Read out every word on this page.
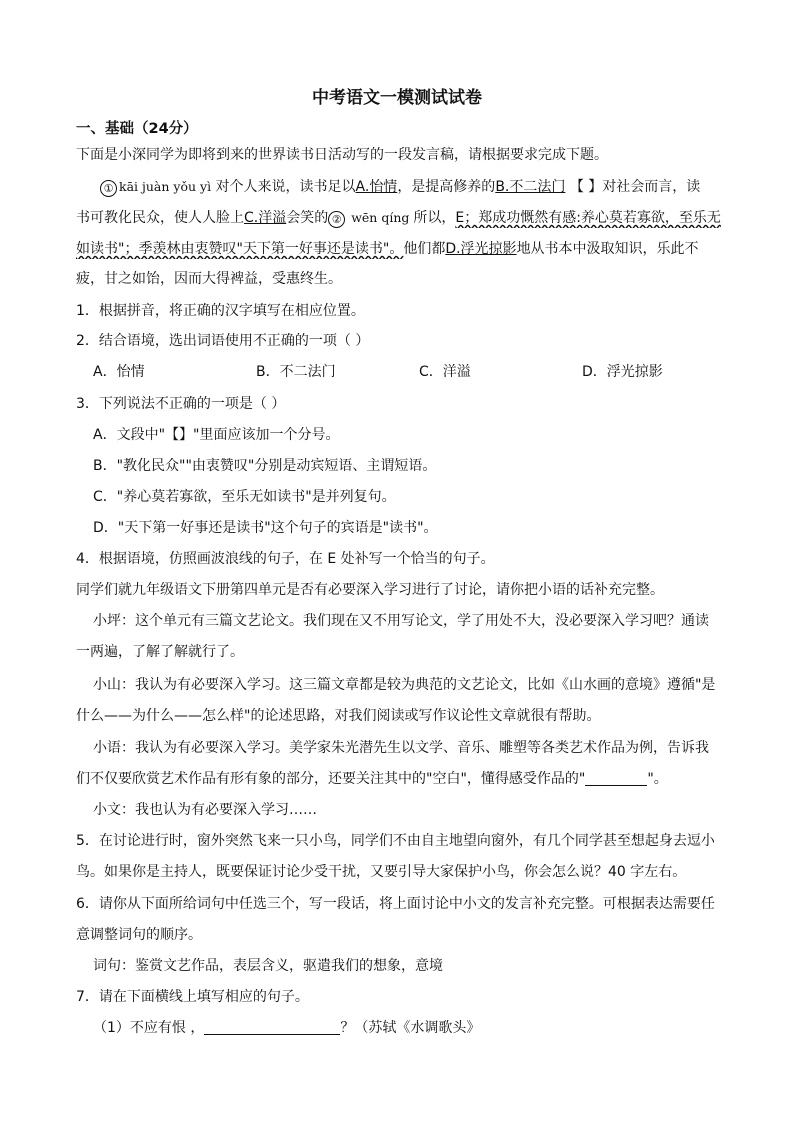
中考语文一模测试试卷
一、基础（24分）
下面是小深同学为即将到来的世界读书日活动写的一段发言稿，请根据要求完成下题。
① kāi juàn yǒu yì 对个人来说，读书足以A.怡情，是提高修养的B.不二法门 【 】对社会而言，读
书可教化民众，使人人脸上C.洋溢会笑的 ② wēn qíng 所以，E；郑成功慨然有感:养心莫若寡欲，至乐无
如读书"；季羡林由衷赞叹"天下第一好事还是读书"。他们都D.浮光掠影地从书本中汲取知识，乐此不
疲，甘之如饴，因而大得裨益，受惠终生。
1．根据拼音，将正确的汉字填写在相应位置。
2．结合语境，选出词语使用不正确的一项（ ）
A．怡情	B．不二法门	C．洋溢	D．浮光掠影
3．下列说法不正确的一项是（ ）
A．文段中"【】"里面应该加一个分号。
B．"教化民众""由衷赞叹"分别是动宾短语、主谓短语。
C．"养心莫若寡欲，至乐无如读书"是并列复句。
D．"天下第一好事还是读书"这个句子的宾语是"读书"。
4．根据语境，仿照画波浪线的句子，在 E 处补写一个恰当的句子。
同学们就九年级语文下册第四单元是否有必要深入学习进行了讨论，请你把小语的话补充完整。
小坪：这个单元有三篇文艺论文。我们现在又不用写论文，学了用处不大，没必要深入学习吧？通读
一两遍，了解了解就行了。
小山：我认为有必要深入学习。这三篇文章都是较为典范的文艺论文，比如《山水画的意境》遵循"是
什么——为什么——怎么样"的论述思路，对我们阅读或写作议论性文章就很有帮助。
小语：我认为有必要深入学习。美学家朱光潜先生以文学、音乐、雕塑等各类艺术作品为例，告诉我
们不仅要欣赏艺术作品有形有象的部分，还要关注其中的"空白"，懂得感受作品的"	"。
小文：我也认为有必要深入学习……
5．在讨论进行时，窗外突然飞来一只小鸟，同学们不由自主地望向窗外，有几个同学甚至想起身去逗小
鸟。如果你是主持人，既要保证讨论少受干扰，又要引导大家保护小鸟，你会怎么说？40 字左右。
6．请你从下面所给词句中任选三个，写一段话，将上面讨论中小文的发言补充完整。可根据表达需要任
意调整词句的顺序。
词句：鉴赏文艺作品，表层含义，驱遣我们的想象，意境
7．请在下面横线上填写相应的句子。
（1）不应有恨 ，	？（苏轼《水调歌头》
